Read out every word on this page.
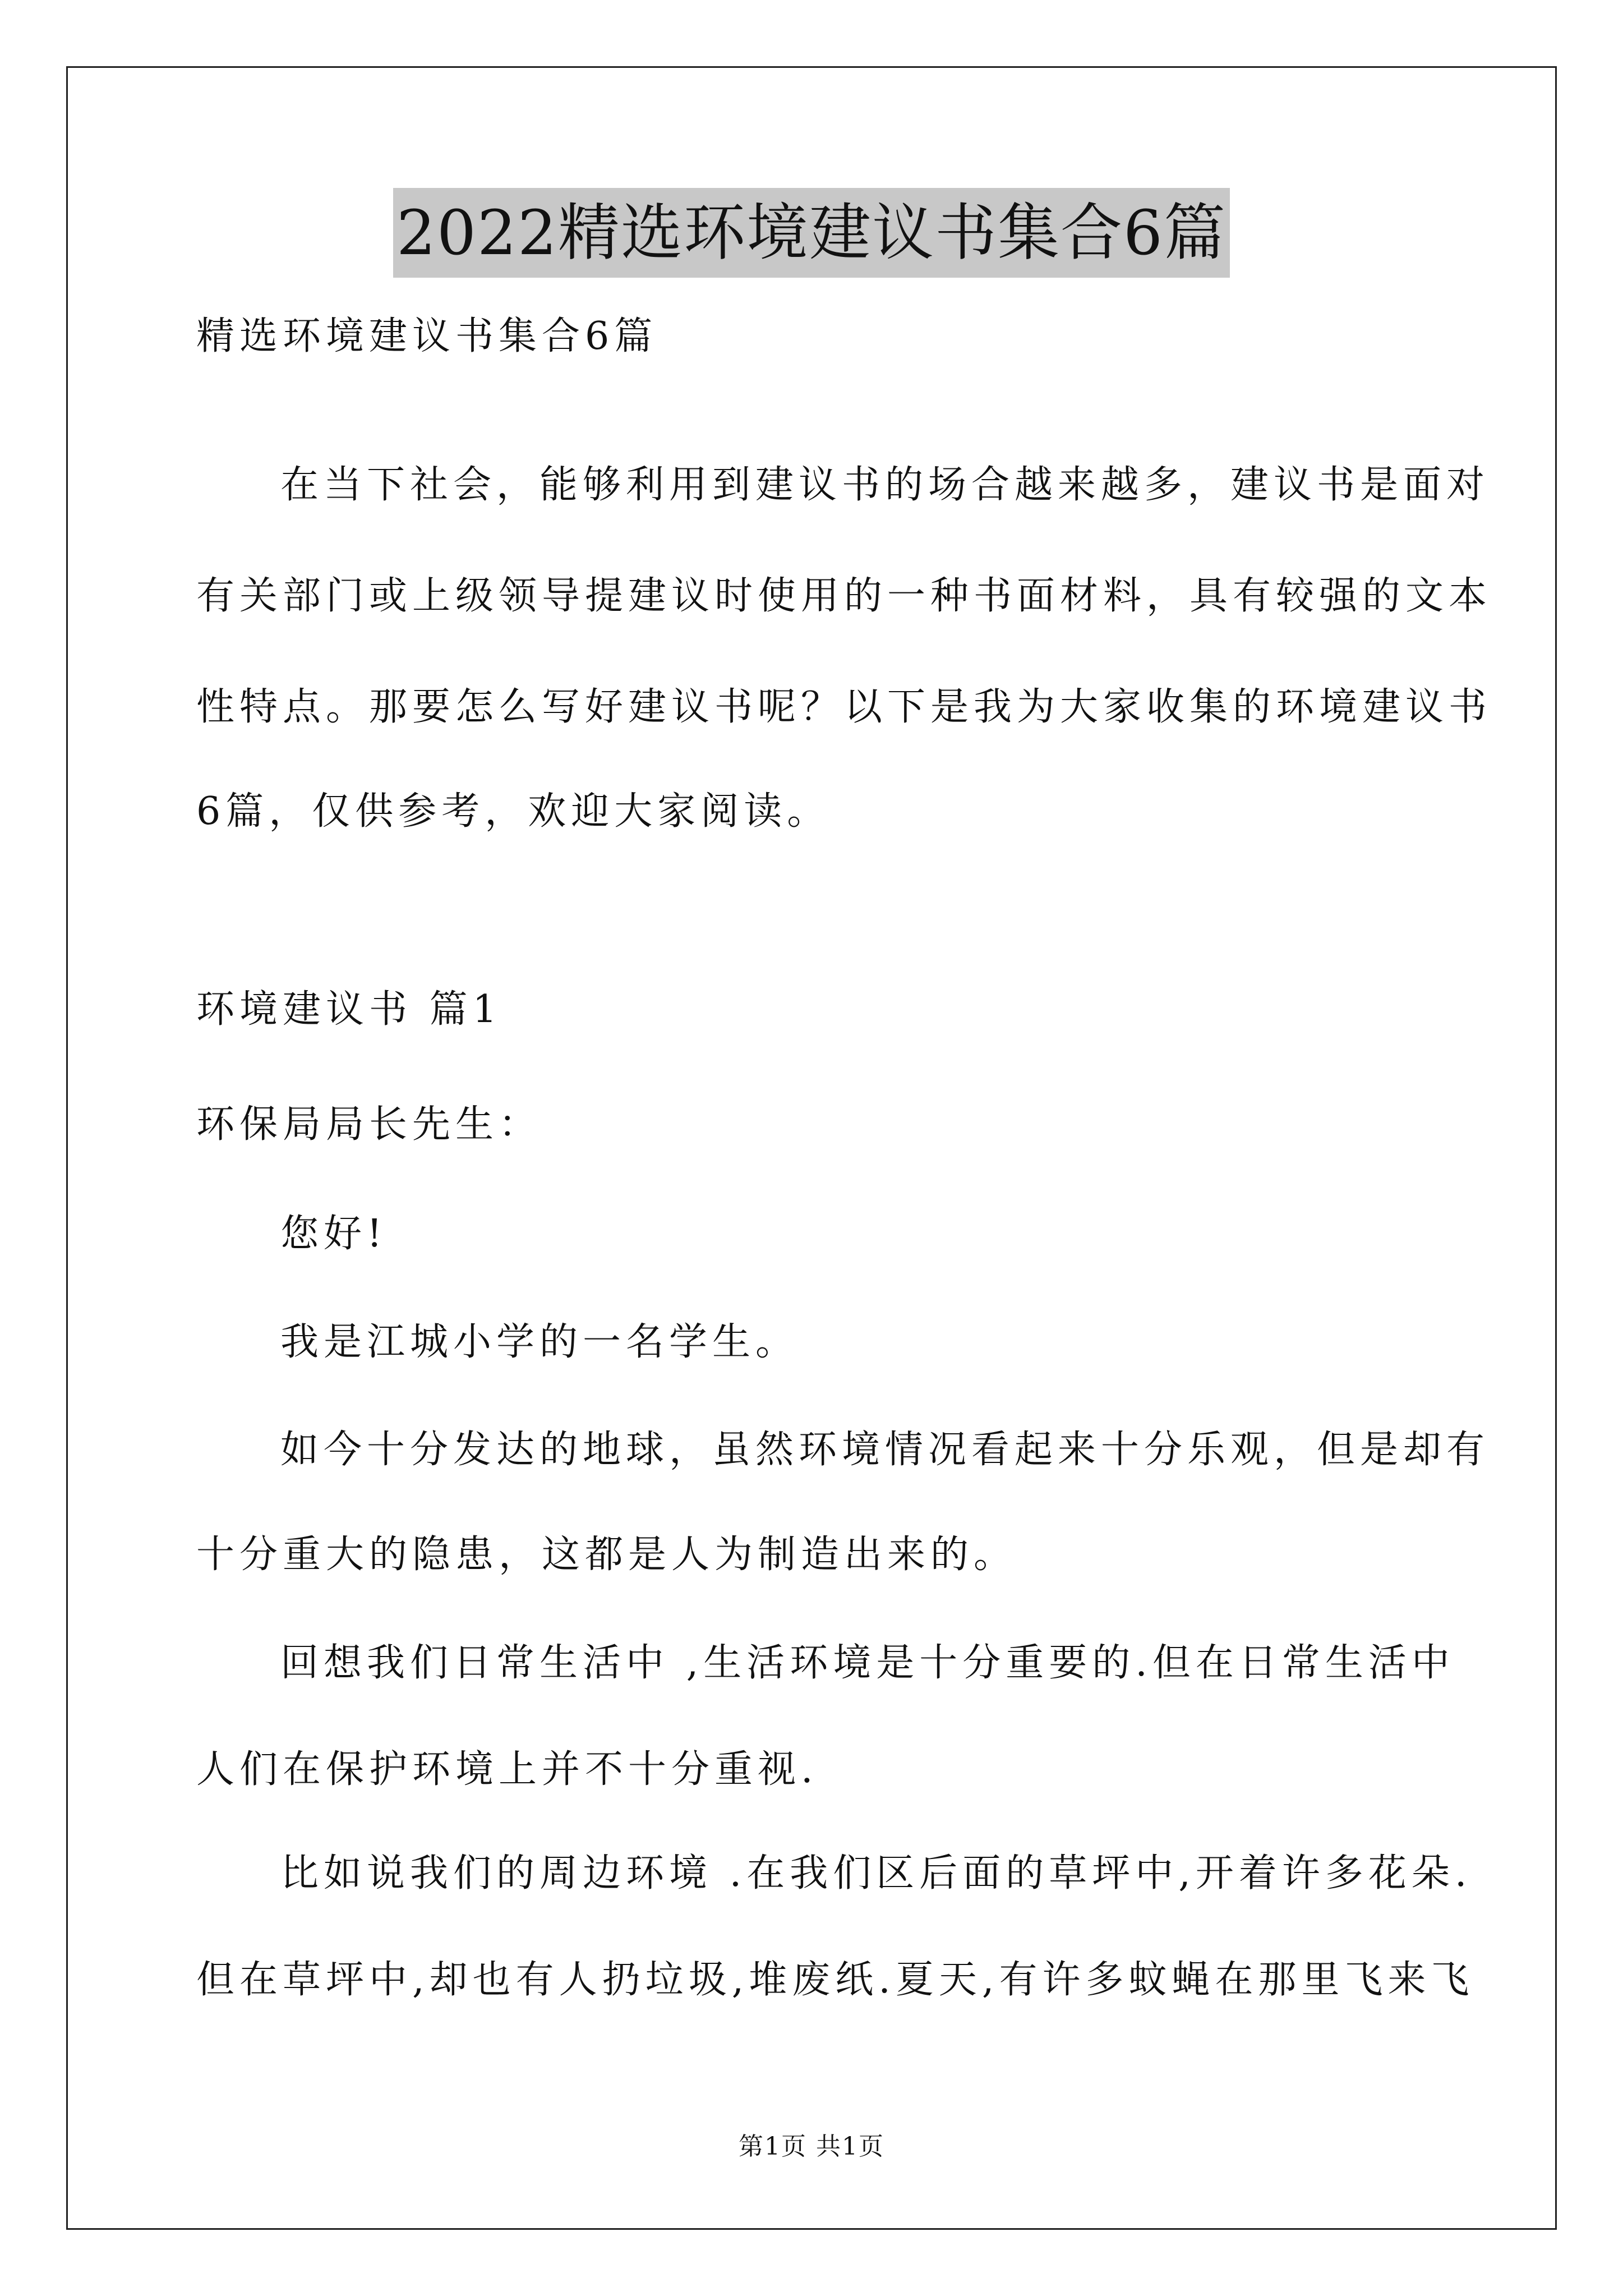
2022精选环境建议书集合6篇
精选环境建议书集合6篇
在当下社会，能够利用到建议书的场合越来越多，建议书是面对
有关部门或上级领导提建议时使用的一种书面材料，具有较强的文本
性特点。那要怎么写好建议书呢？以下是我为大家收集的环境建议书
6篇，仅供参考，欢迎大家阅读。
环境建议书 篇1
环保局局长先生：
您好!
我是江城小学的一名学生。
如今十分发达的地球，虽然环境情况看起来十分乐观，但是却有
十分重大的隐患，这都是人为制造出来的。
回想我们日常生活中 ,生活环境是十分重要的.但在日常生活中
人们在保护环境上并不十分重视.
比如说我们的周边环境 .在我们区后面的草坪中,开着许多花朵.
但在草坪中,却也有人扔垃圾,堆废纸.夏天,有许多蚊蝇在那里飞来飞
第1页 共1页
